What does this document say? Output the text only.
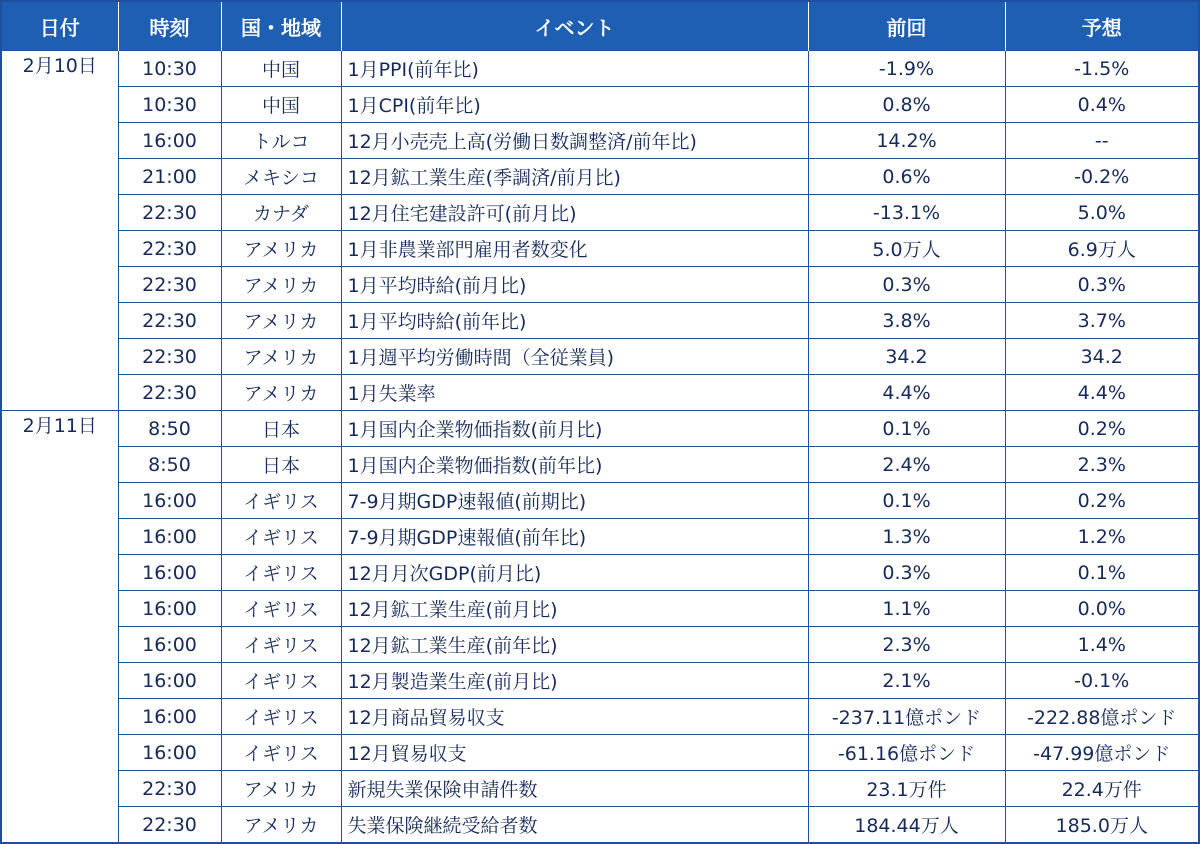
日付	時刻	国・地域	イベント	前回	予想
2月10日	10:30	中国	1月PPI(前年比)	-1.9%	-1.5%
	10:30	中国	1月CPI(前年比)	0.8%	0.4%
	16:00	トルコ	12月小売売上高(労働日数調整済/前年比)	14.2%	--
	21:00	メキシコ	12月鉱工業生産(季調済/前月比)	0.6%	-0.2%
	22:30	カナダ	12月住宅建設許可(前月比)	-13.1%	5.0%
	22:30	アメリカ	1月非農業部門雇用者数変化	5.0万人	6.9万人
	22:30	アメリカ	1月平均時給(前月比)	0.3%	0.3%
	22:30	アメリカ	1月平均時給(前年比)	3.8%	3.7%
	22:30	アメリカ	1月週平均労働時間（全従業員)	34.2	34.2
	22:30	アメリカ	1月失業率	4.4%	4.4%
2月11日	8:50	日本	1月国内企業物価指数(前月比)	0.1%	0.2%
	8:50	日本	1月国内企業物価指数(前年比)	2.4%	2.3%
	16:00	イギリス	7-9月期GDP速報値(前期比)	0.1%	0.2%
	16:00	イギリス	7-9月期GDP速報値(前年比)	1.3%	1.2%
	16:00	イギリス	12月月次GDP(前月比)	0.3%	0.1%
	16:00	イギリス	12月鉱工業生産(前月比)	1.1%	0.0%
	16:00	イギリス	12月鉱工業生産(前年比)	2.3%	1.4%
	16:00	イギリス	12月製造業生産(前月比)	2.1%	-0.1%
	16:00	イギリス	12月商品貿易収支	-237.11億ポンド	-222.88億ポンド
	16:00	イギリス	12月貿易収支	-61.16億ポンド	-47.99億ポンド
	22:30	アメリカ	新規失業保険申請件数	23.1万件	22.4万件
	22:30	アメリカ	失業保険継続受給者数	184.44万人	185.0万人
